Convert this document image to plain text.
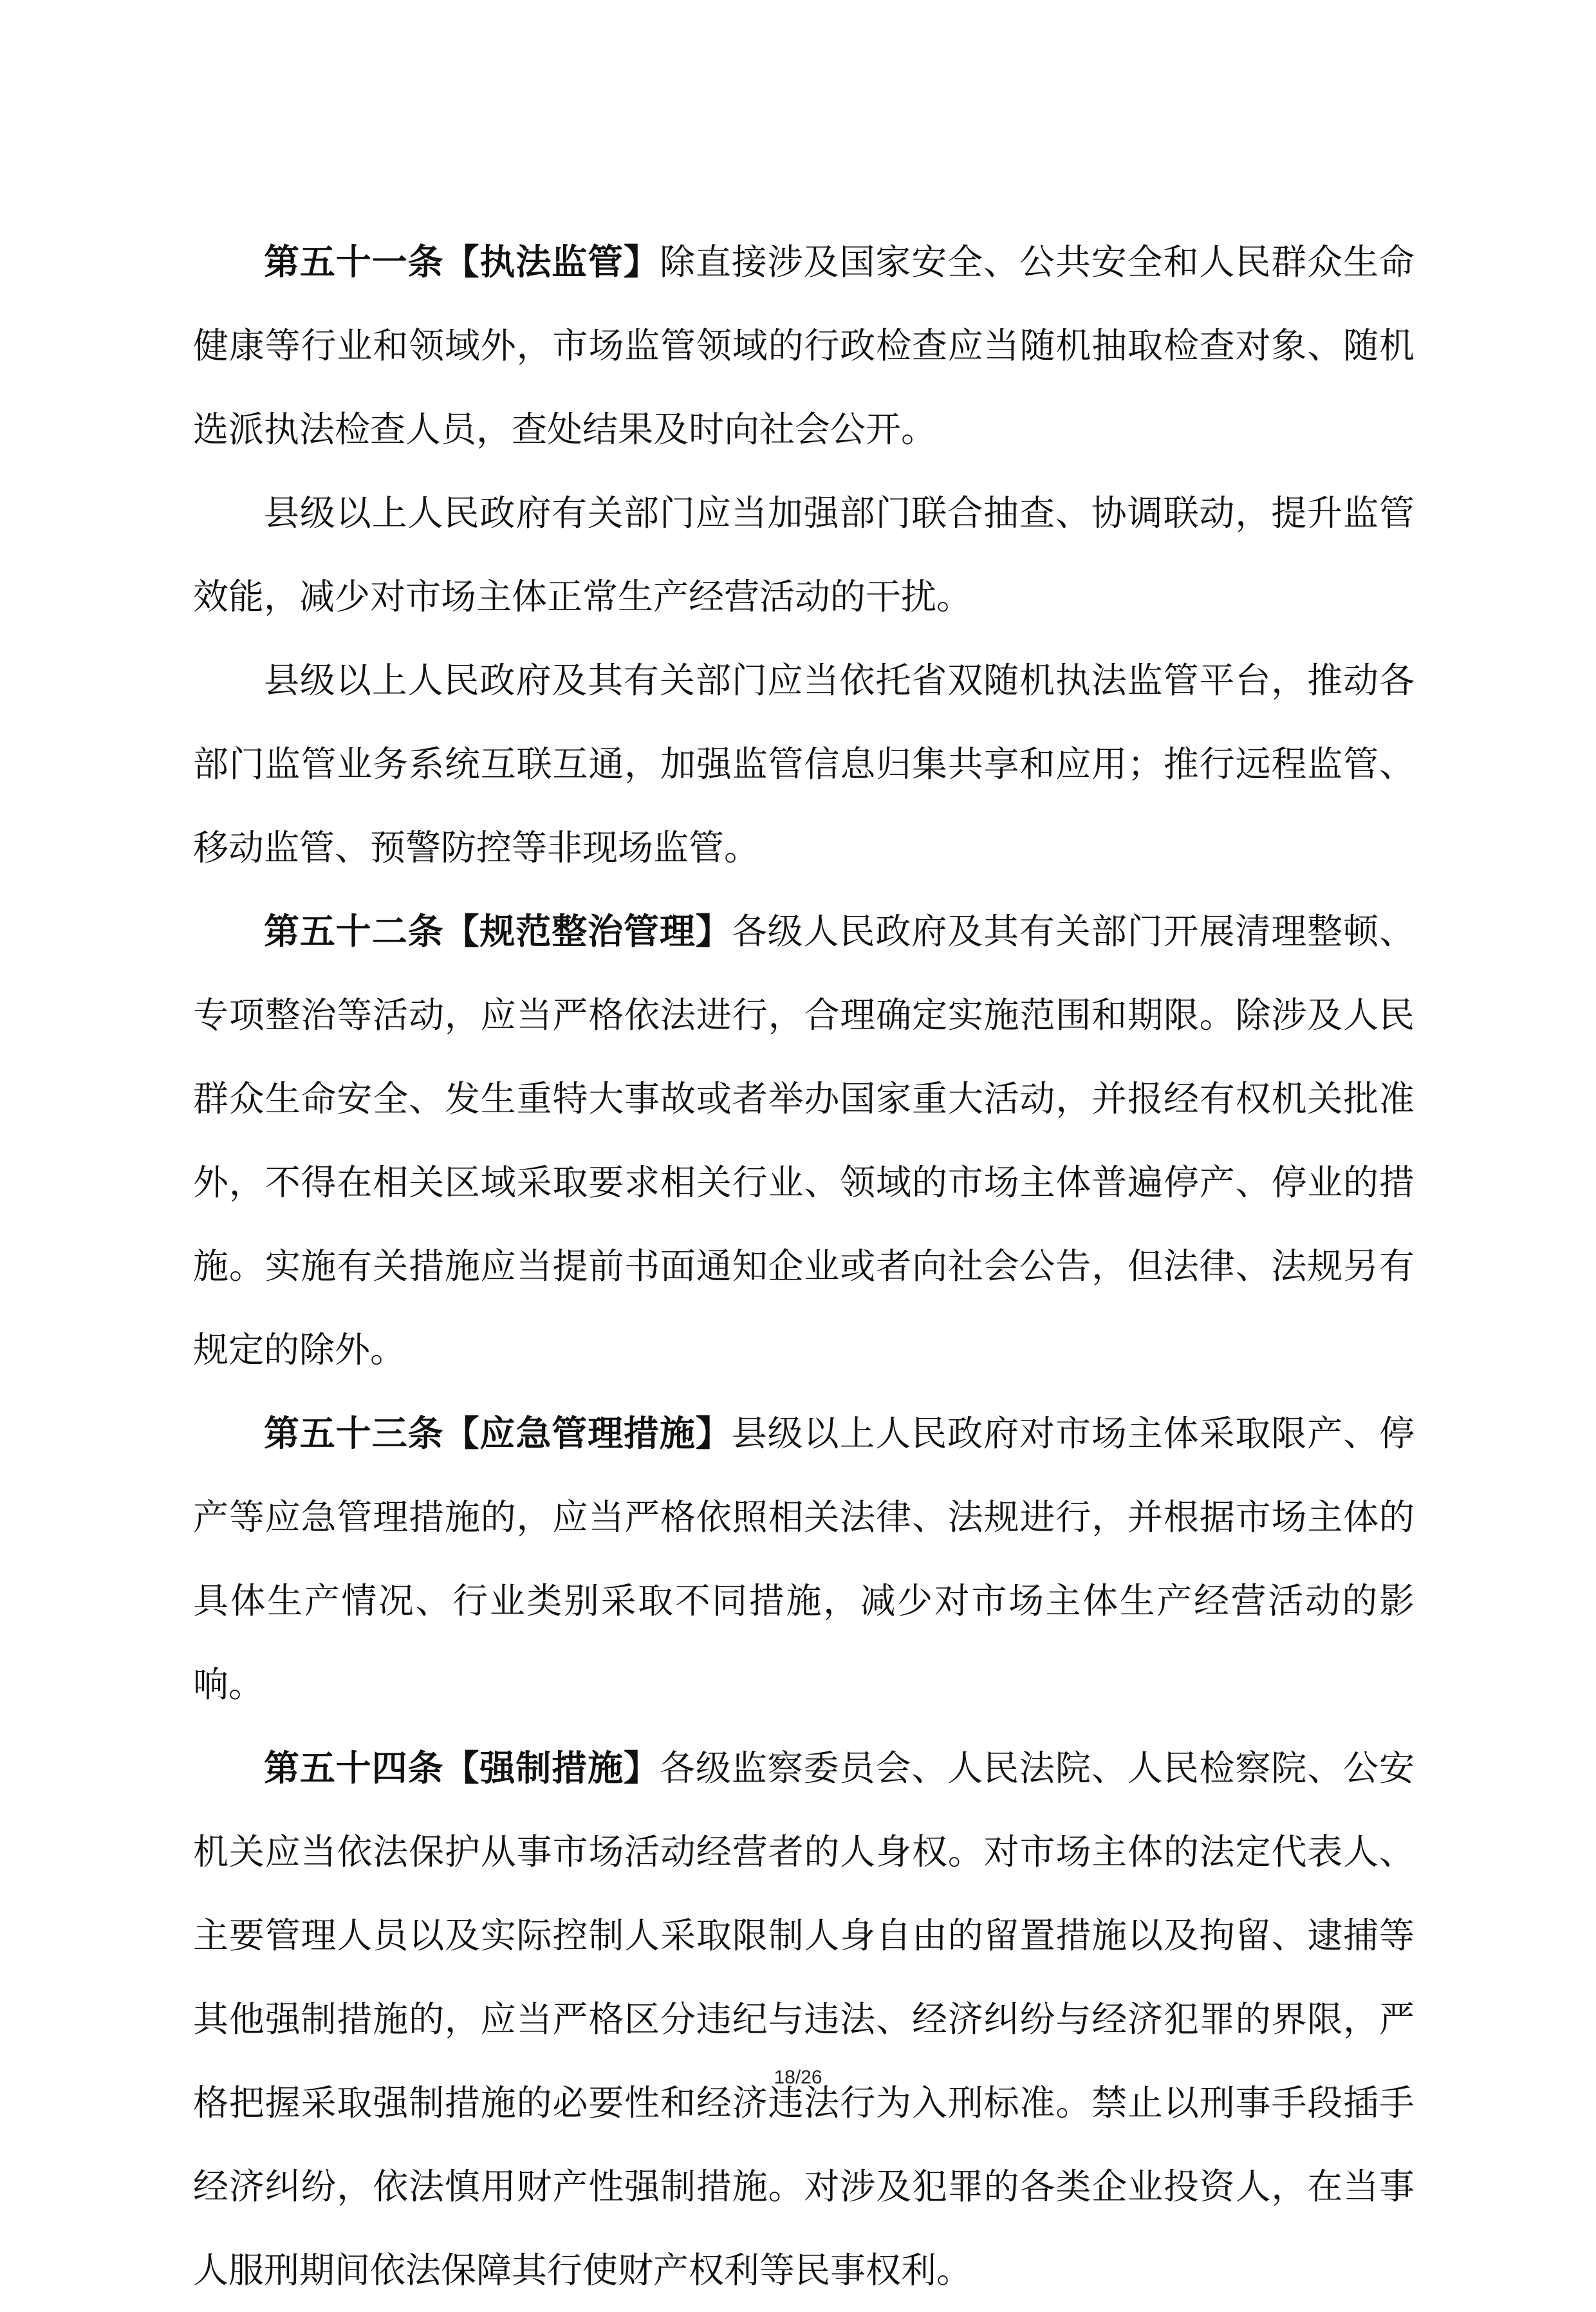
第五十一条【执法监管】除直接涉及国家安全、公共安全和人民群众生命健康等行业和领域外，市场监管领域的行政检查应当随机抽取检查对象、随机选派执法检查人员，查处结果及时向社会公开。

县级以上人民政府有关部门应当加强部门联合抽查、协调联动，提升监管效能，减少对市场主体正常生产经营活动的干扰。

县级以上人民政府及其有关部门应当依托省双随机执法监管平台，推动各部门监管业务系统互联互通，加强监管信息归集共享和应用；推行远程监管、移动监管、预警防控等非现场监管。

第五十二条【规范整治管理】各级人民政府及其有关部门开展清理整顿、专项整治等活动，应当严格依法进行，合理确定实施范围和期限。除涉及人民群众生命安全、发生重特大事故或者举办国家重大活动，并报经有权机关批准外，不得在相关区域采取要求相关行业、领域的市场主体普遍停产、停业的措施。实施有关措施应当提前书面通知企业或者向社会公告，但法律、法规另有规定的除外。

第五十三条【应急管理措施】县级以上人民政府对市场主体采取限产、停产等应急管理措施的，应当严格依照相关法律、法规进行，并根据市场主体的具体生产情况、行业类别采取不同措施，减少对市场主体生产经营活动的影响。

第五十四条【强制措施】各级监察委员会、人民法院、人民检察院、公安机关应当依法保护从事市场活动经营者的人身权。对市场主体的法定代表人、主要管理人员以及实际控制人采取限制人身自由的留置措施以及拘留、逮捕等其他强制措施的，应当严格区分违纪与违法、经济纠纷与经济犯罪的界限，严格把握采取强制措施的必要性和经济违法行为入刑标准。禁止以刑事手段插手经济纠纷，依法慎用财产性强制措施。对涉及犯罪的各类企业投资人，在当事人服刑期间依法保障其行使财产权利等民事权利。

18/26
